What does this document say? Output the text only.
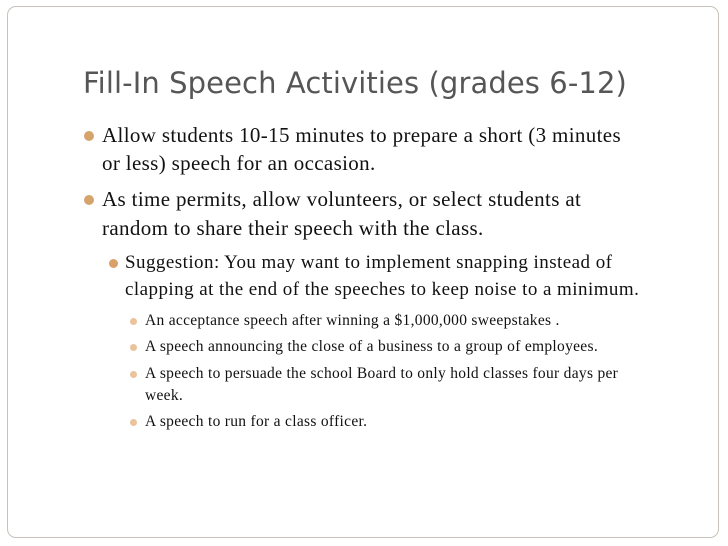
Fill-In Speech Activities (grades 6-12)

Allow students 10-15 minutes to prepare a short (3 minutes

or less) speech for an occasion.

As time permits, allow volunteers, or select students at

random to share their speech with the class.

Suggestion: You may want to implement snapping instead of

clapping at the end of the speeches to keep noise to a minimum.

An acceptance speech after winning a $1,000,000 sweepstakes .

A speech announcing the close of a business to a group of employees.

A speech to persuade the school Board to only hold classes four days per

week.

A speech to run for a class officer.
